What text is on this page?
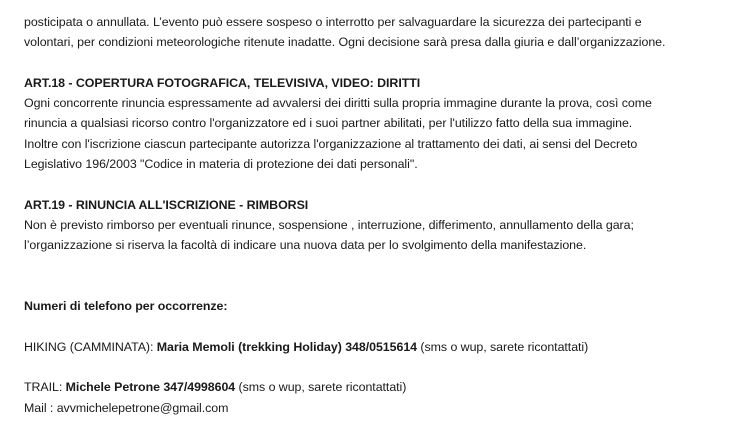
posticipata o annullata. L’evento può essere sospeso o interrotto per salvaguardare la sicurezza dei partecipanti e

volontari, per condizioni meteorologiche ritenute inadatte. Ogni decisione sarà presa dalla giuria e dall’organizzazione.

ART.18 - COPERTURA FOTOGRAFICA, TELEVISIVA, VIDEO: DIRITTI

Ogni concorrente rinuncia espressamente ad avvalersi dei diritti sulla propria immagine durante la prova, così come

rinuncia a qualsiasi ricorso contro l'organizzatore ed i suoi partner abilitati, per l'utilizzo fatto della sua immagine.

Inoltre con l'iscrizione ciascun partecipante autorizza l'organizzazione al trattamento dei dati, ai sensi del Decreto

Legislativo 196/2003 "Codice in materia di protezione dei dati personali".

ART.19 - RINUNCIA ALL'ISCRIZIONE - RIMBORSI

Non è previsto rimborso per eventuali rinunce, sospensione , interruzione, differimento, annullamento della gara;

l’organizzazione si riserva la facoltà di indicare una nuova data per lo svolgimento della manifestazione.

Numeri di telefono per occorrenze:

HIKING (CAMMINATA): Maria Memoli (trekking Holiday) 348/0515614 (sms o wup, sarete ricontattati)

TRAIL: Michele Petrone 347/4998604 (sms o wup, sarete ricontattati)

Mail : avvmichelepetrone@gmail.com
